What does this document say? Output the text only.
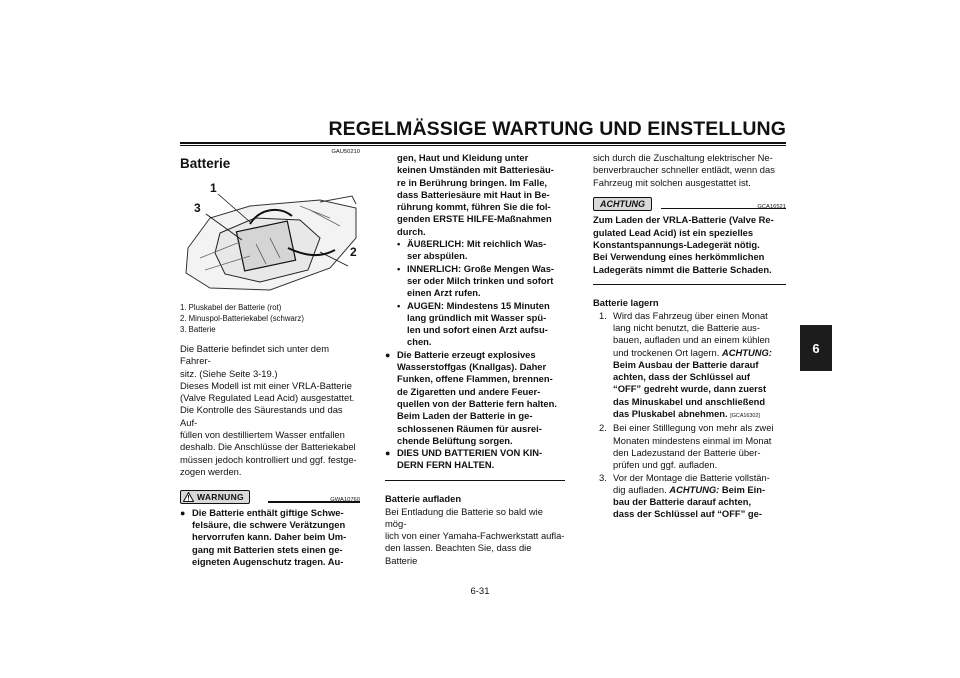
REGELMÄSSIGE WARTUNG UND EINSTELLUNG
6
6-31
GAU50210
Batterie
1
3
2
1. Pluskabel der Batterie (rot)
2. Minuspol-Batteriekabel (schwarz)
3. Batterie
Die Batterie befindet sich unter dem Fahrer-
sitz. (Siehe Seite 3-19.)
Dieses Modell ist mit einer VRLA-Batterie
(Valve Regulated Lead Acid) ausgestattet.
Die Kontrolle des Säurestands und das Auf-
füllen von destilliertem Wasser entfallen
deshalb. Die Anschlüsse der Batteriekabel
müssen jedoch kontrolliert und ggf. festge-
zogen werden.
WARNUNG	GWA10760
● Die Batterie enthält giftige Schwe-
felsäure, die schwere Verätzungen
hervorrufen kann. Daher beim Um-
gang mit Batterien stets einen ge-
eigneten Augenschutz tragen. Au-
gen, Haut und Kleidung unter
keinen Umständen mit Batteriesäu-
re in Berührung bringen. Im Falle,
dass Batteriesäure mit Haut in Be-
rührung kommt, führen Sie die fol-
genden ERSTE HILFE-Maßnahmen
durch.
• ÄUßERLICH: Mit reichlich Was-
ser abspülen.
• INNERLICH: Große Mengen Was-
ser oder Milch trinken und sofort
einen Arzt rufen.
• AUGEN: Mindestens 15 Minuten
lang gründlich mit Wasser spü-
len und sofort einen Arzt aufsu-
chen.
● Die Batterie erzeugt explosives
Wasserstoffgas (Knallgas). Daher
Funken, offene Flammen, brennen-
de Zigaretten und andere Feuer-
quellen von der Batterie fern halten.
Beim Laden der Batterie in ge-
schlossenen Räumen für ausrei-
chende Belüftung sorgen.
● DIES UND BATTERIEN VON KIN-
DERN FERN HALTEN.
Batterie aufladen
Bei Entladung die Batterie so bald wie mög-
lich von einer Yamaha-Fachwerkstatt aufla-
den lassen. Beachten Sie, dass die Batterie
sich durch die Zuschaltung elektrischer Ne-
benverbraucher schneller entlädt, wenn das
Fahrzeug mit solchen ausgestattet ist.
ACHTUNG	GCA16521
Zum Laden der VRLA-Batterie (Valve Re-
gulated Lead Acid) ist ein spezielles
Konstantspannungs-Ladegerät nötig.
Bei Verwendung eines herkömmlichen
Ladegeräts nimmt die Batterie Schaden.
Batterie lagern
1. Wird das Fahrzeug über einen Monat
lang nicht benutzt, die Batterie aus-
bauen, aufladen und an einem kühlen
und trockenen Ort lagern. ACHTUNG:
Beim Ausbau der Batterie darauf
achten, dass der Schlüssel auf
“OFF” gedreht wurde, dann zuerst
das Minuskabel und anschließend
das Pluskabel abnehmen. [GCA16302]
2. Bei einer Stilllegung von mehr als zwei
Monaten mindestens einmal im Monat
den Ladezustand der Batterie über-
prüfen und ggf. aufladen.
3. Vor der Montage die Batterie vollstän-
dig aufladen. ACHTUNG: Beim Ein-
bau der Batterie darauf achten,
dass der Schlüssel auf “OFF” ge-
